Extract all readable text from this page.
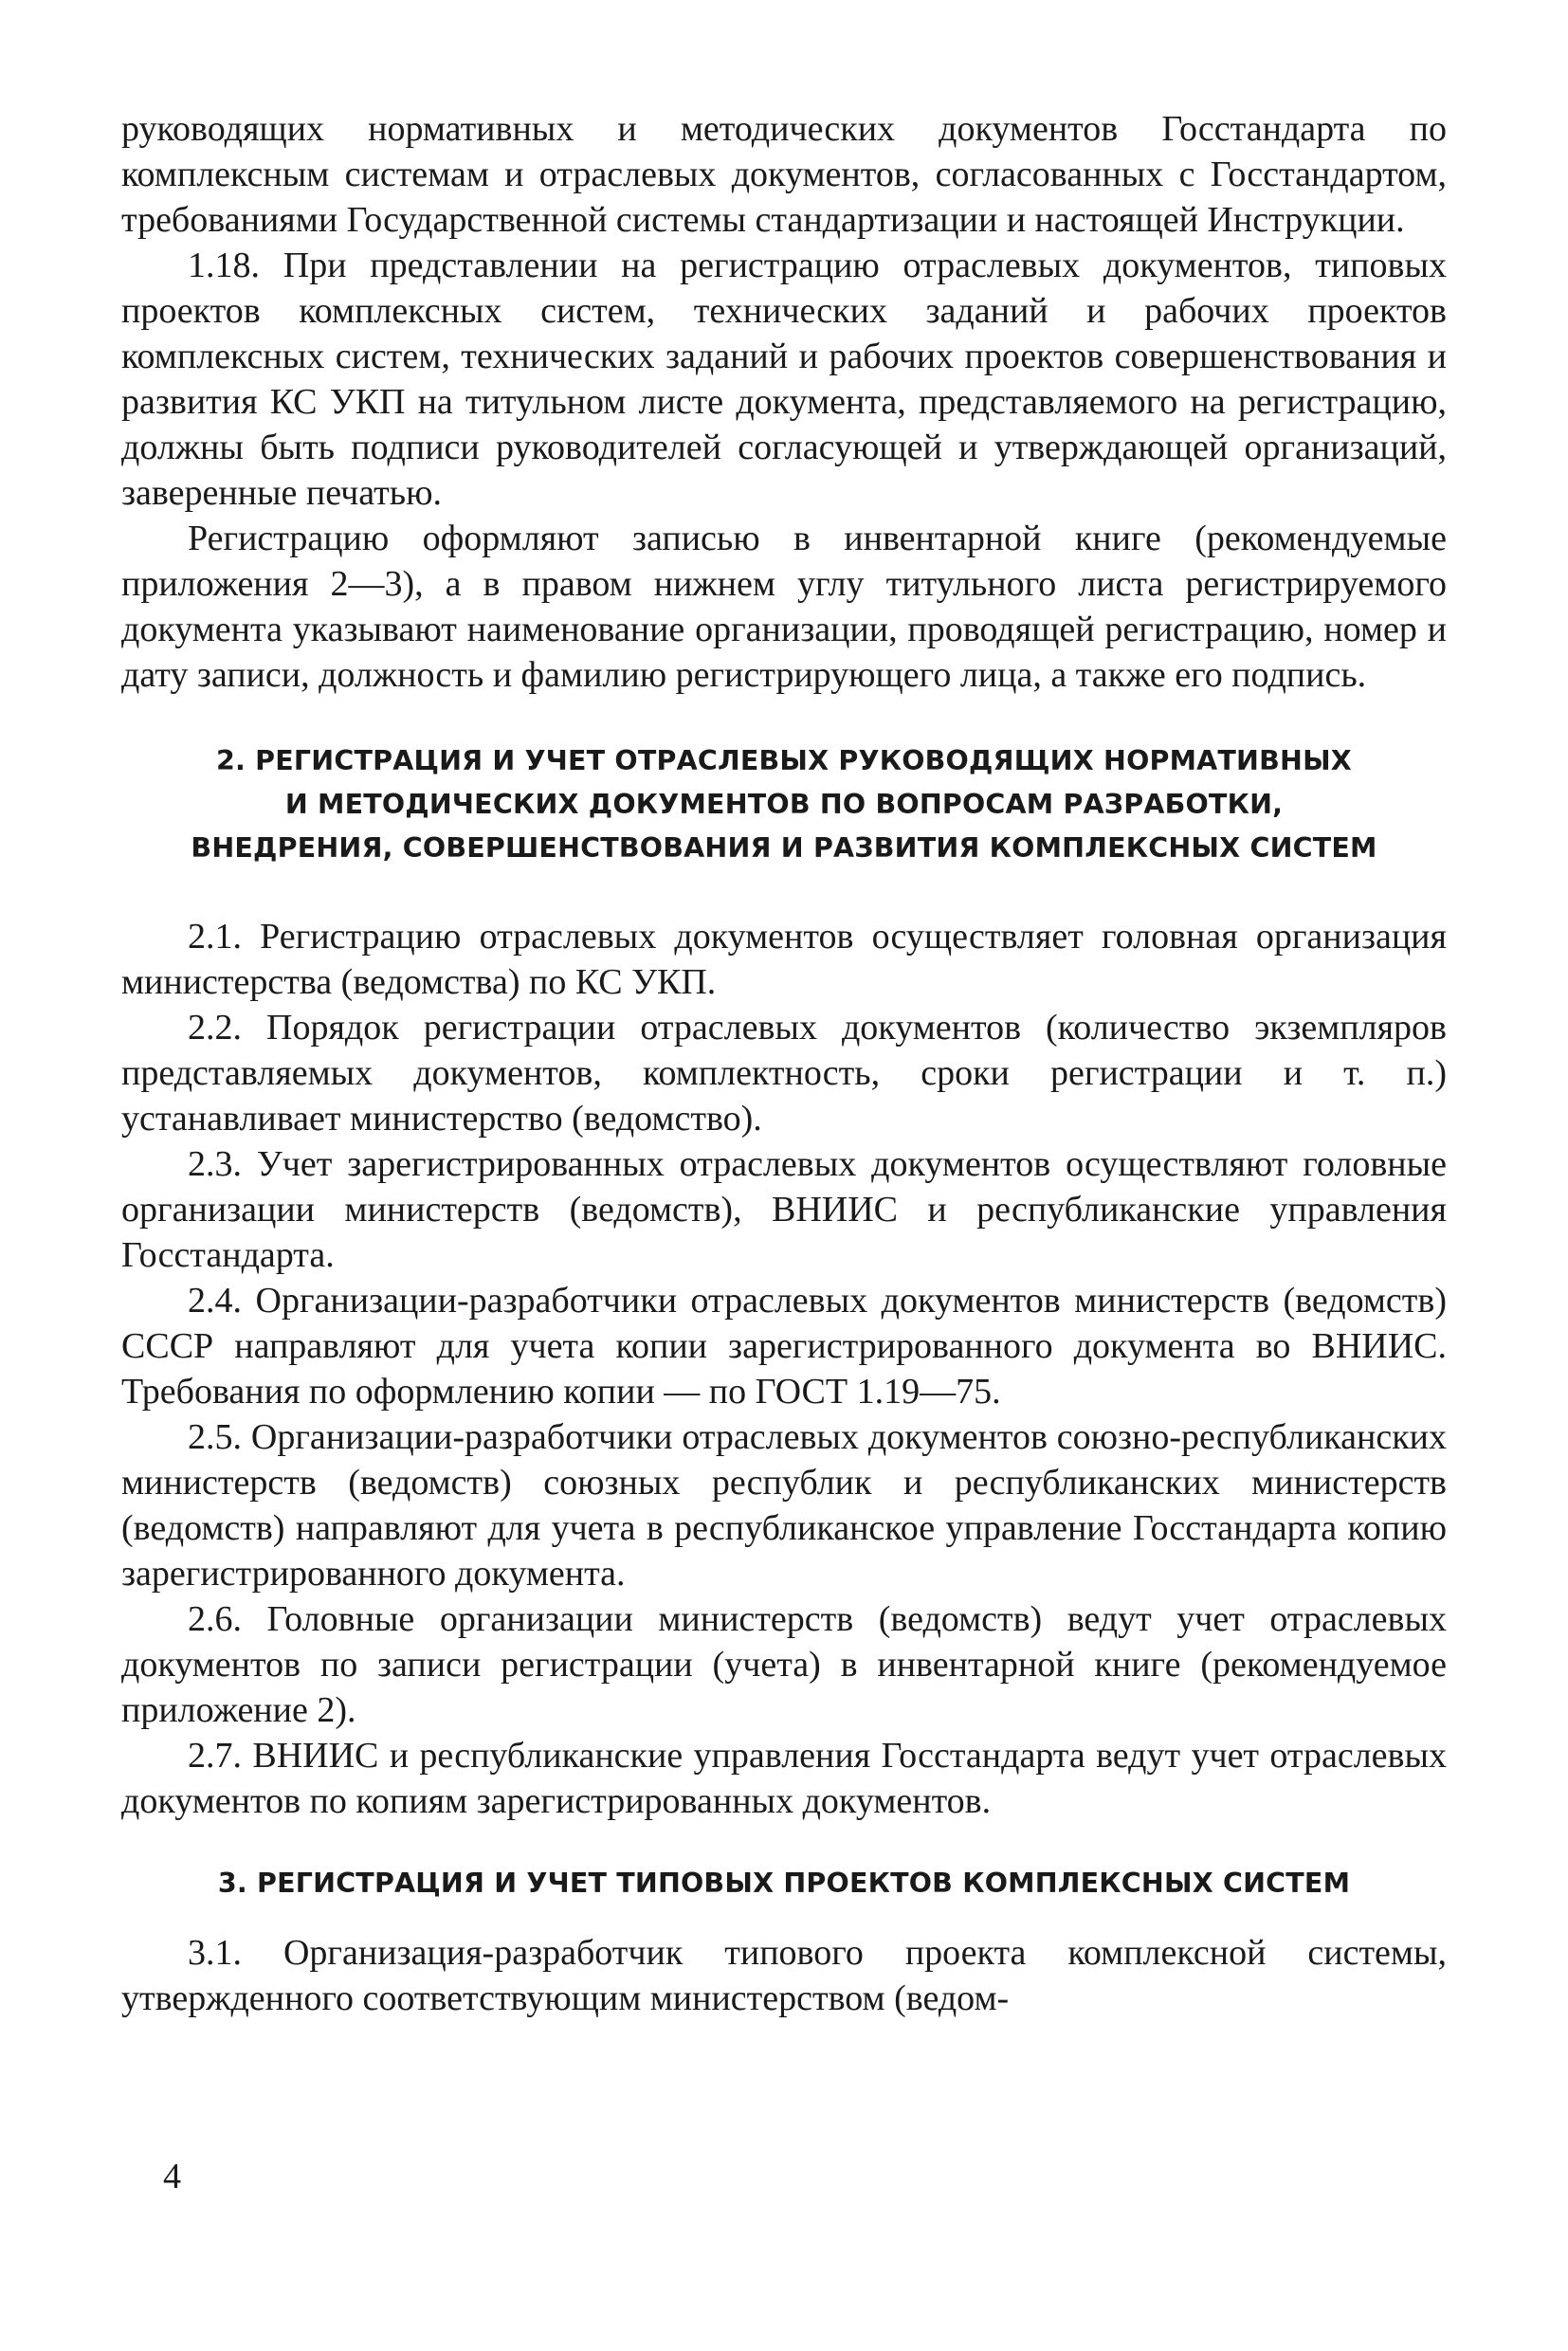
руководящих нормативных и методических документов Госстандарта по комплексным системам и отраслевых документов, согласованных с Госстандартом, требованиями Государственной системы стандартизации и настоящей Инструкции.

1.18. При представлении на регистрацию отраслевых документов, типовых проектов комплексных систем, технических заданий и рабочих проектов комплексных систем, технических заданий и рабочих проектов совершенствования и развития КС УКП на титульном листе документа, представляемого на регистрацию, должны быть подписи руководителей согласующей и утверждающей организаций, заверенные печатью.

Регистрацию оформляют записью в инвентарной книге (рекомендуемые приложения 2—3), а в правом нижнем углу титульного листа регистрируемого документа указывают наименование организации, проводящей регистрацию, номер и дату записи, должность и фамилию регистрирующего лица, а также его подпись.

2. РЕГИСТРАЦИЯ И УЧЕТ ОТРАСЛЕВЫХ РУКОВОДЯЩИХ НОРМАТИВНЫХ
И МЕТОДИЧЕСКИХ ДОКУМЕНТОВ ПО ВОПРОСАМ РАЗРАБОТКИ,
ВНЕДРЕНИЯ, СОВЕРШЕНСТВОВАНИЯ И РАЗВИТИЯ КОМПЛЕКСНЫХ СИСТЕМ

2.1. Регистрацию отраслевых документов осуществляет головная организация министерства (ведомства) по КС УКП.

2.2. Порядок регистрации отраслевых документов (количество экземпляров представляемых документов, комплектность, сроки регистрации и т. п.) устанавливает министерство (ведомство).

2.3. Учет зарегистрированных отраслевых документов осуществляют головные организации министерств (ведомств), ВНИИС и республиканские управления Госстандарта.

2.4. Организации-разработчики отраслевых документов министерств (ведомств) СССР направляют для учета копии зарегистрированного документа во ВНИИС. Требования по оформлению копии — по ГОСТ 1.19—75.

2.5. Организации-разработчики отраслевых документов союзно-республиканских министерств (ведомств) союзных республик и республиканских министерств (ведомств) направляют для учета в республиканское управление Госстандарта копию зарегистрированного документа.

2.6. Головные организации министерств (ведомств) ведут учет отраслевых документов по записи регистрации (учета) в инвентарной книге (рекомендуемое приложение 2).

2.7. ВНИИС и республиканские управления Госстандарта ведут учет отраслевых документов по копиям зарегистрированных документов.

3. РЕГИСТРАЦИЯ И УЧЕТ ТИПОВЫХ ПРОЕКТОВ КОМПЛЕКСНЫХ СИСТЕМ

3.1. Организация-разработчик типового проекта комплексной системы, утвержденного соответствующим министерством (ведом-

4
